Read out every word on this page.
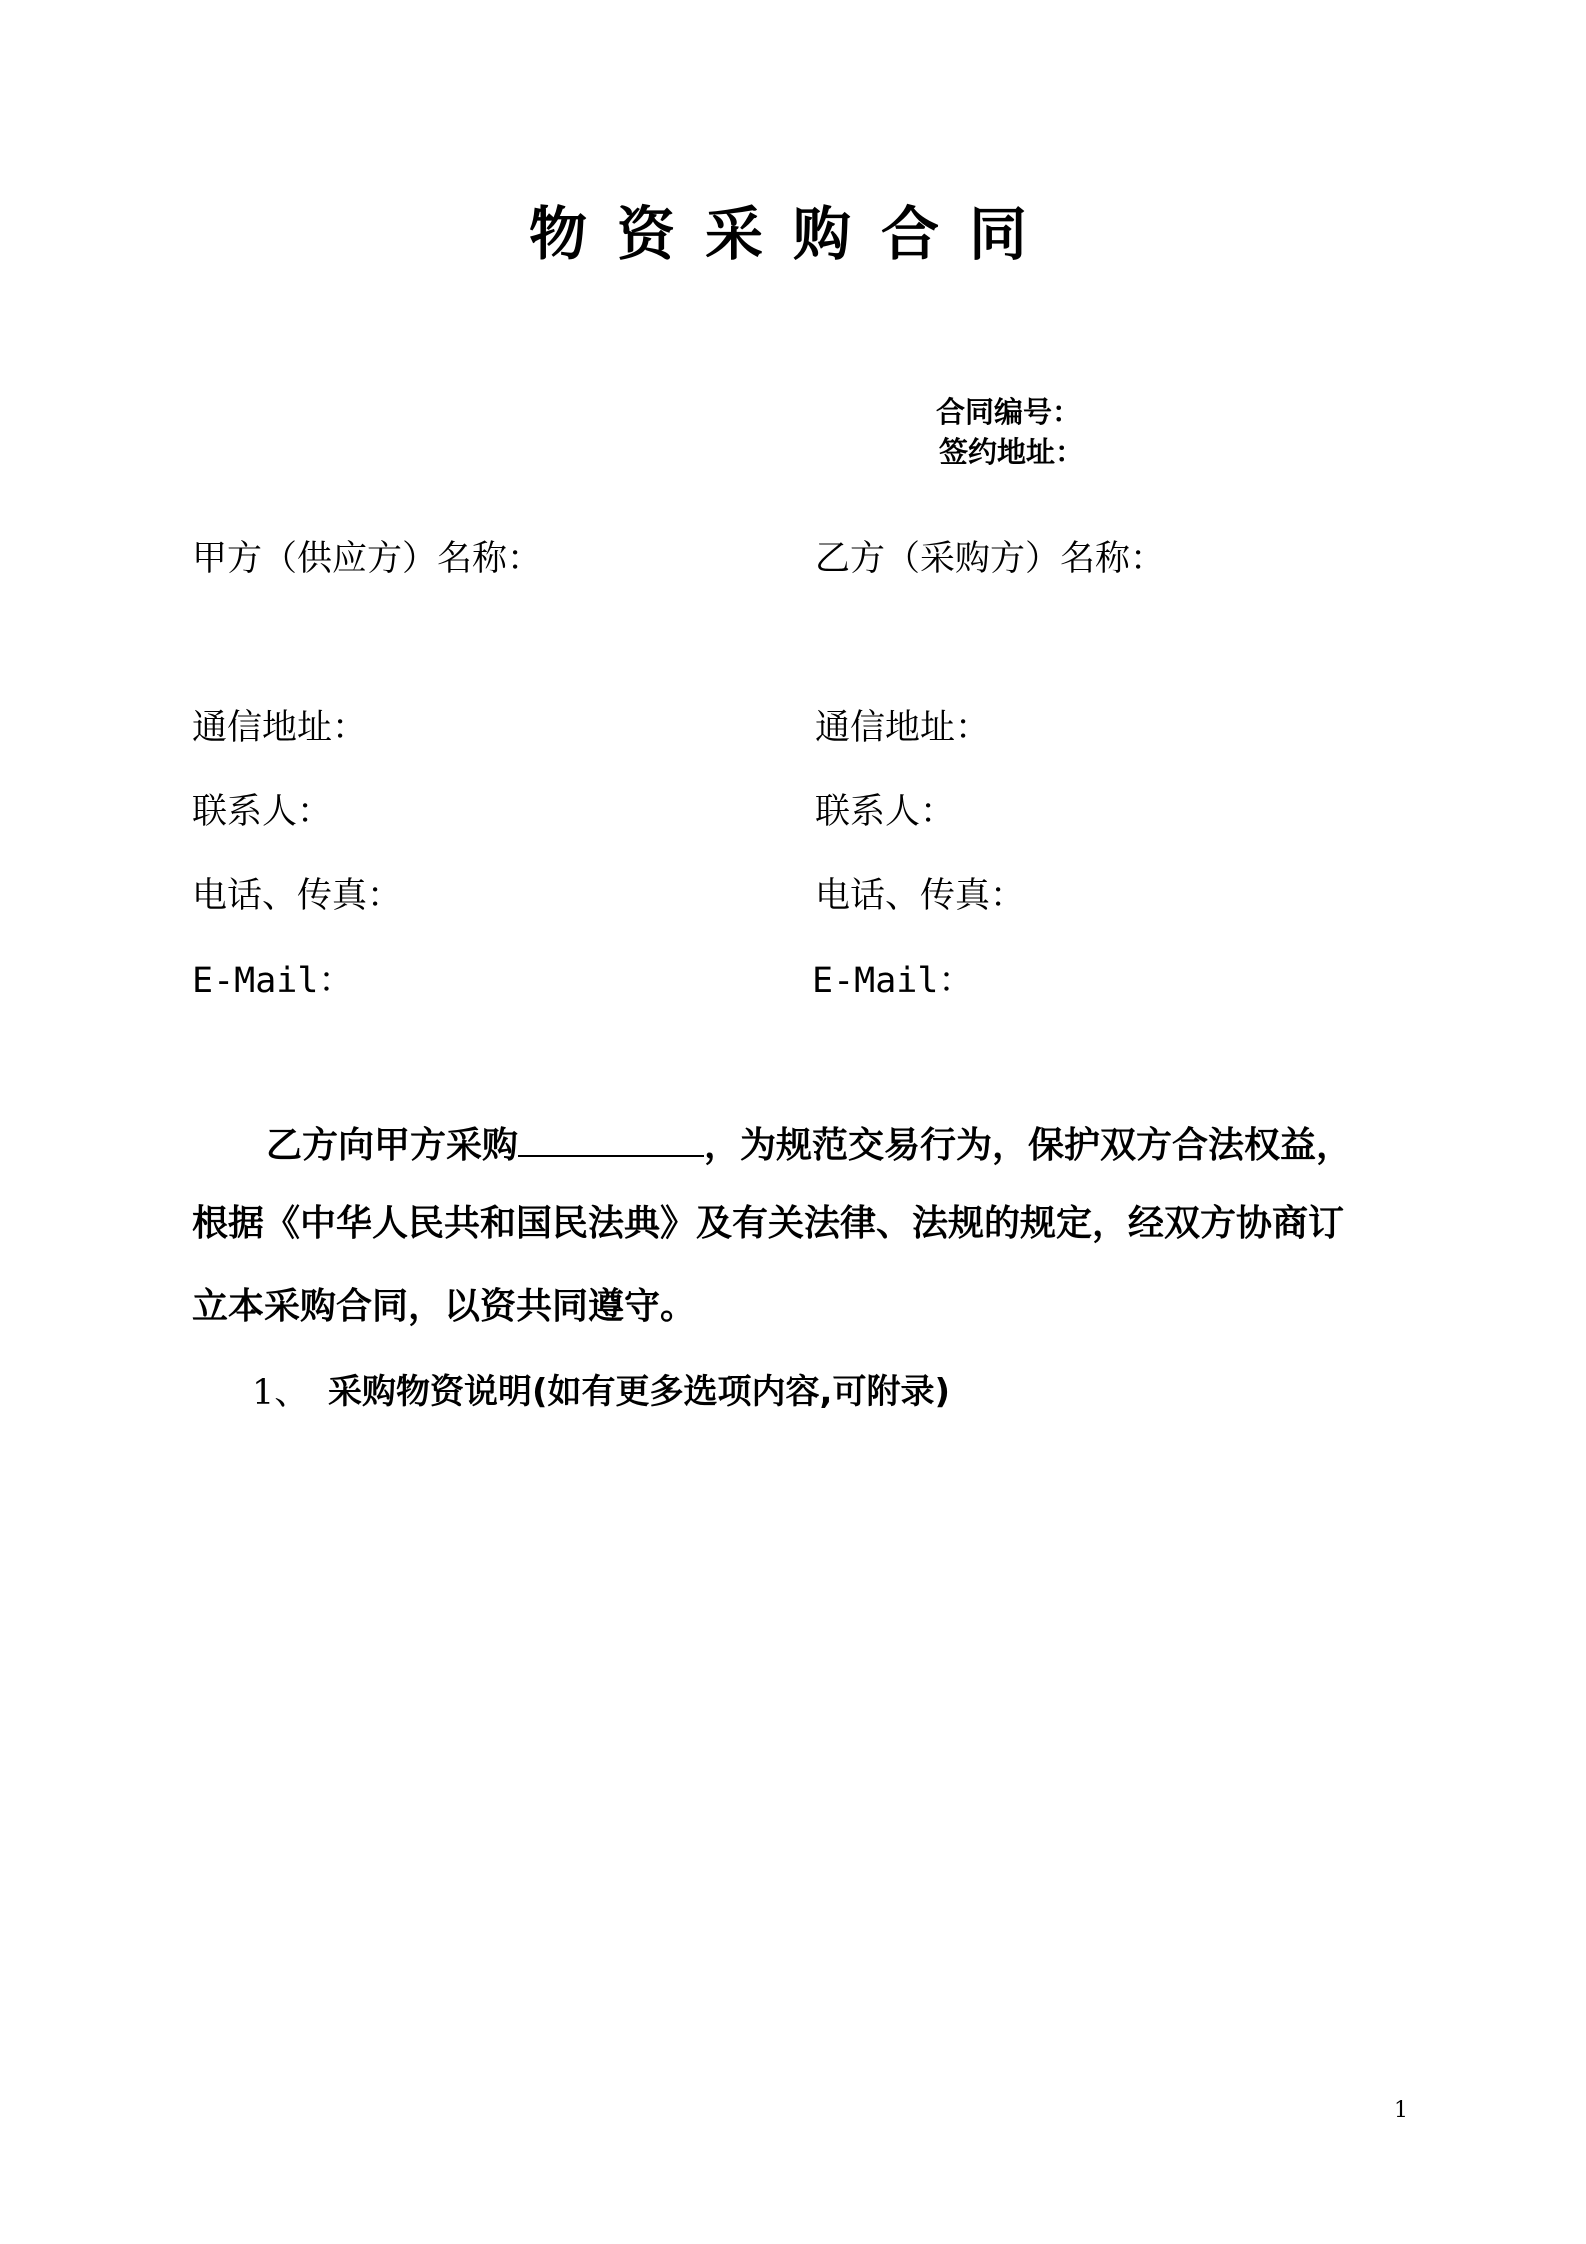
物资采购合同
合同编号：
签约地址：
甲方（供应方）名称：
通信地址：
联系人：
电话、传真：
E-Mail：
乙方（采购方）名称：
通信地址：
联系人：
电话、传真：
E-Mail：
乙方向甲方采购	，为规范交易行为，保护双方合法权益，
根据《中华人民共和国民法典》及有关法律、法规的规定，经双方协商订
立本采购合同，以资共同遵守。
1、 采购物资说明(如有更多选项内容,可附录)
1
